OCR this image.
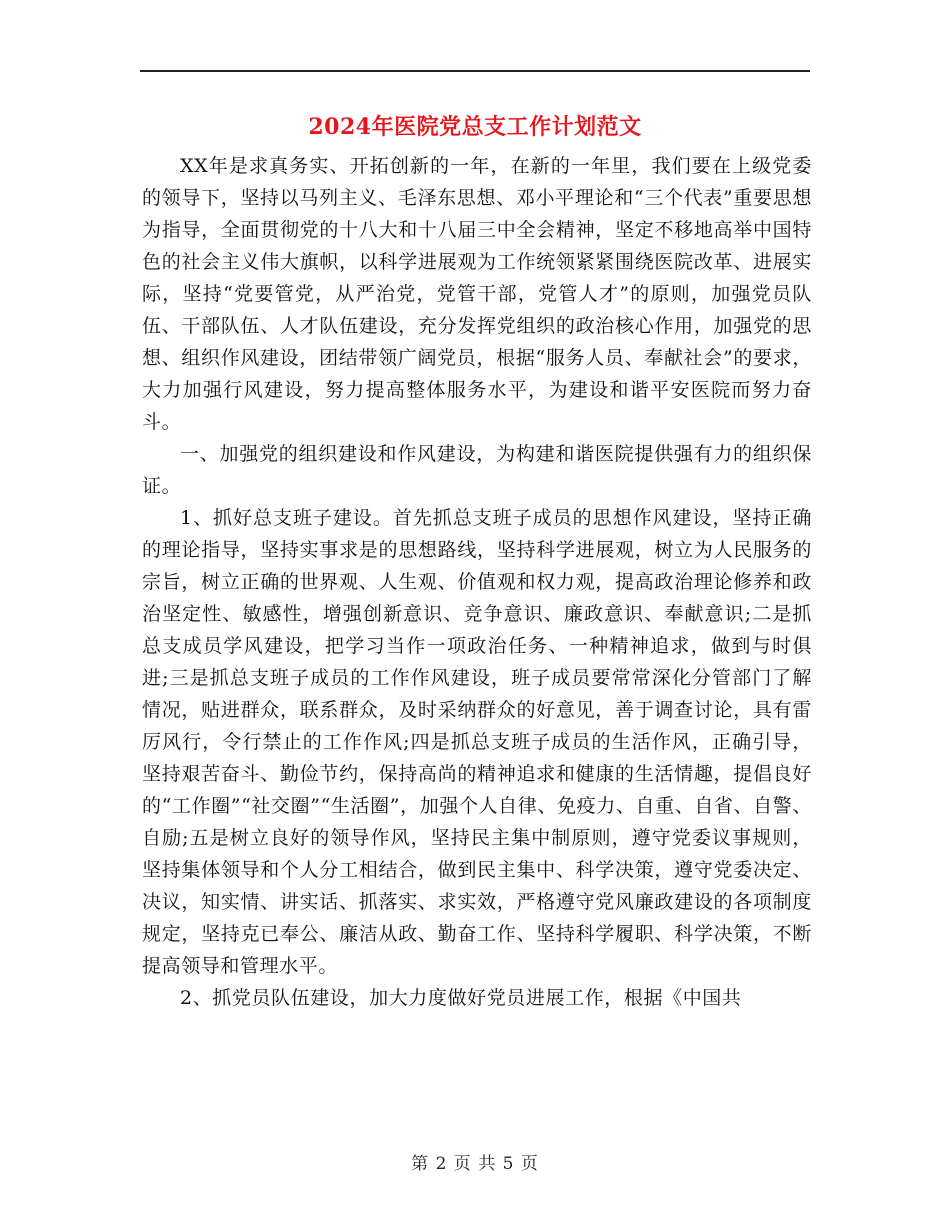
2024年医院党总支工作计划范文

XX年是求真务实、开拓创新的一年，在新的一年里，我们要在上级党委的领导下，坚持以马列主义、毛泽东思想、邓小平理论和“三个代表”重要思想为指导，全面贯彻党的十八大和十八届三中全会精神，坚定不移地高举中国特色的社会主义伟大旗帜，以科学进展观为工作统领紧紧围绕医院改革、进展实际，坚持“党要管党，从严治党，党管干部，党管人才”的原则，加强党员队伍、干部队伍、人才队伍建设，充分发挥党组织的政治核心作用，加强党的思想、组织作风建设，团结带领广阔党员，根据“服务人员、奉献社会”的要求，大力加强行风建设，努力提高整体服务水平，为建设和谐平安医院而努力奋斗。

一、加强党的组织建设和作风建设，为构建和谐医院提供强有力的组织保证。

1、抓好总支班子建设。首先抓总支班子成员的思想作风建设，坚持正确的理论指导，坚持实事求是的思想路线，坚持科学进展观，树立为人民服务的宗旨，树立正确的世界观、人生观、价值观和权力观，提高政治理论修养和政治坚定性、敏感性，增强创新意识、竞争意识、廉政意识、奉献意识;二是抓总支成员学风建设，把学习当作一项政治任务、一种精神追求，做到与时俱进;三是抓总支班子成员的工作作风建设，班子成员要常常深化分管部门了解情况，贴进群众，联系群众，及时采纳群众的好意见，善于调查讨论，具有雷厉风行，令行禁止的工作作风;四是抓总支班子成员的生活作风，正确引导，坚持艰苦奋斗、勤俭节约，保持高尚的精神追求和健康的生活情趣，提倡良好的“工作圈”“社交圈”“生活圈”，加强个人自律、免疫力、自重、自省、自警、自励;五是树立良好的领导作风，坚持民主集中制原则，遵守党委议事规则，坚持集体领导和个人分工相结合，做到民主集中、科学决策，遵守党委决定、决议，知实情、讲实话、抓落实、求实效，严格遵守党风廉政建设的各项制度规定，坚持克已奉公、廉洁从政、勤奋工作、坚持科学履职、科学决策，不断提高领导和管理水平。

2、抓党员队伍建设，加大力度做好党员进展工作，根据《中国共

第 2 页 共 5 页
